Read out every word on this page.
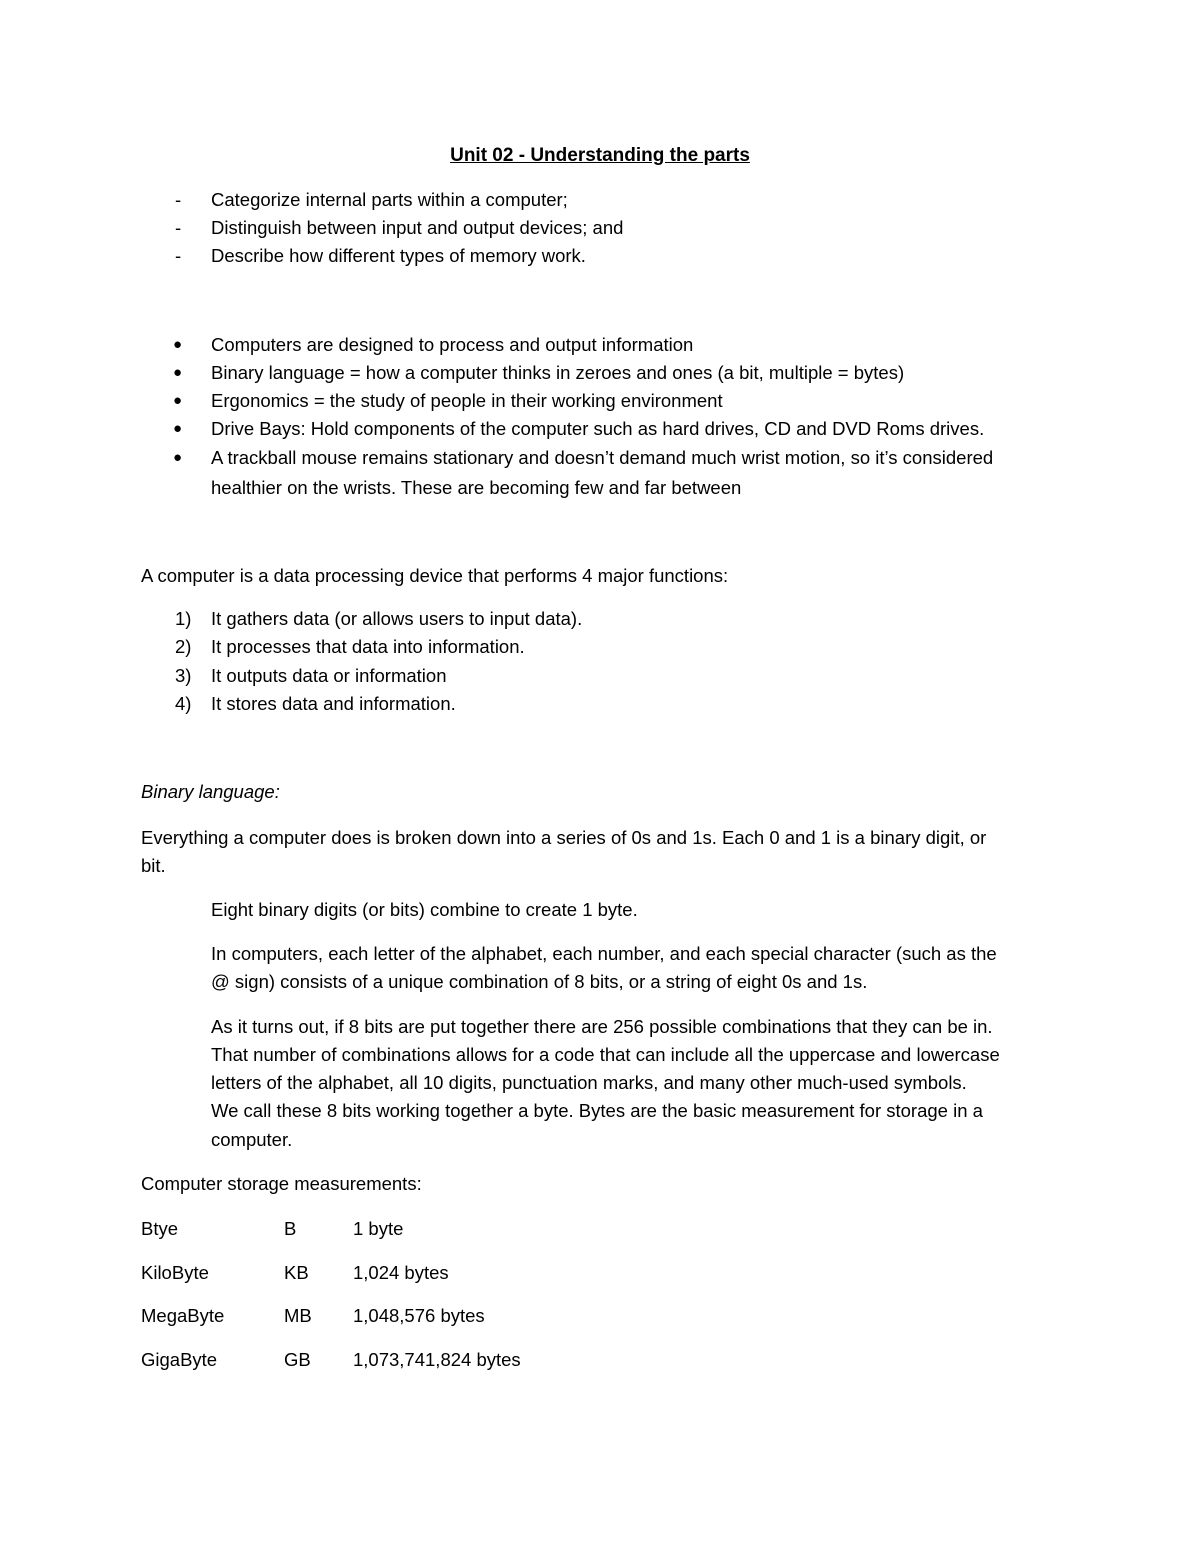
Unit 02 - Understanding the parts
- Categorize internal parts within a computer;
- Distinguish between input and output devices; and
- Describe how different types of memory work.
● Computers are designed to process and output information
● Binary language = how a computer thinks in zeroes and ones (a bit, multiple = bytes)
● Ergonomics = the study of people in their working environment
● Drive Bays: Hold components of the computer such as hard drives, CD and DVD Roms drives.
● A trackball mouse remains stationary and doesn’t demand much wrist motion, so it’s considered
healthier on the wrists. These are becoming few and far between
A computer is a data processing device that performs 4 major functions:
1) It gathers data (or allows users to input data).
2) It processes that data into information.
3) It outputs data or information
4) It stores data and information.
Binary language:
Everything a computer does is broken down into a series of 0s and 1s. Each 0 and 1 is a binary digit, or
bit.
Eight binary digits (or bits) combine to create 1 byte.
In computers, each letter of the alphabet, each number, and each special character (such as the
@ sign) consists of a unique combination of 8 bits, or a string of eight 0s and 1s.
As it turns out, if 8 bits are put together there are 256 possible combinations that they can be in.
That number of combinations allows for a code that can include all the uppercase and lowercase
letters of the alphabet, all 10 digits, punctuation marks, and many other much-used symbols.
We call these 8 bits working together a byte. Bytes are the basic measurement for storage in a
computer.
Computer storage measurements:
Btye	B	1 byte
KiloByte	KB 1,024 bytes
MegaByte	MB 1,048,576 bytes
GigaByte	GB 1,073,741,824 bytes
